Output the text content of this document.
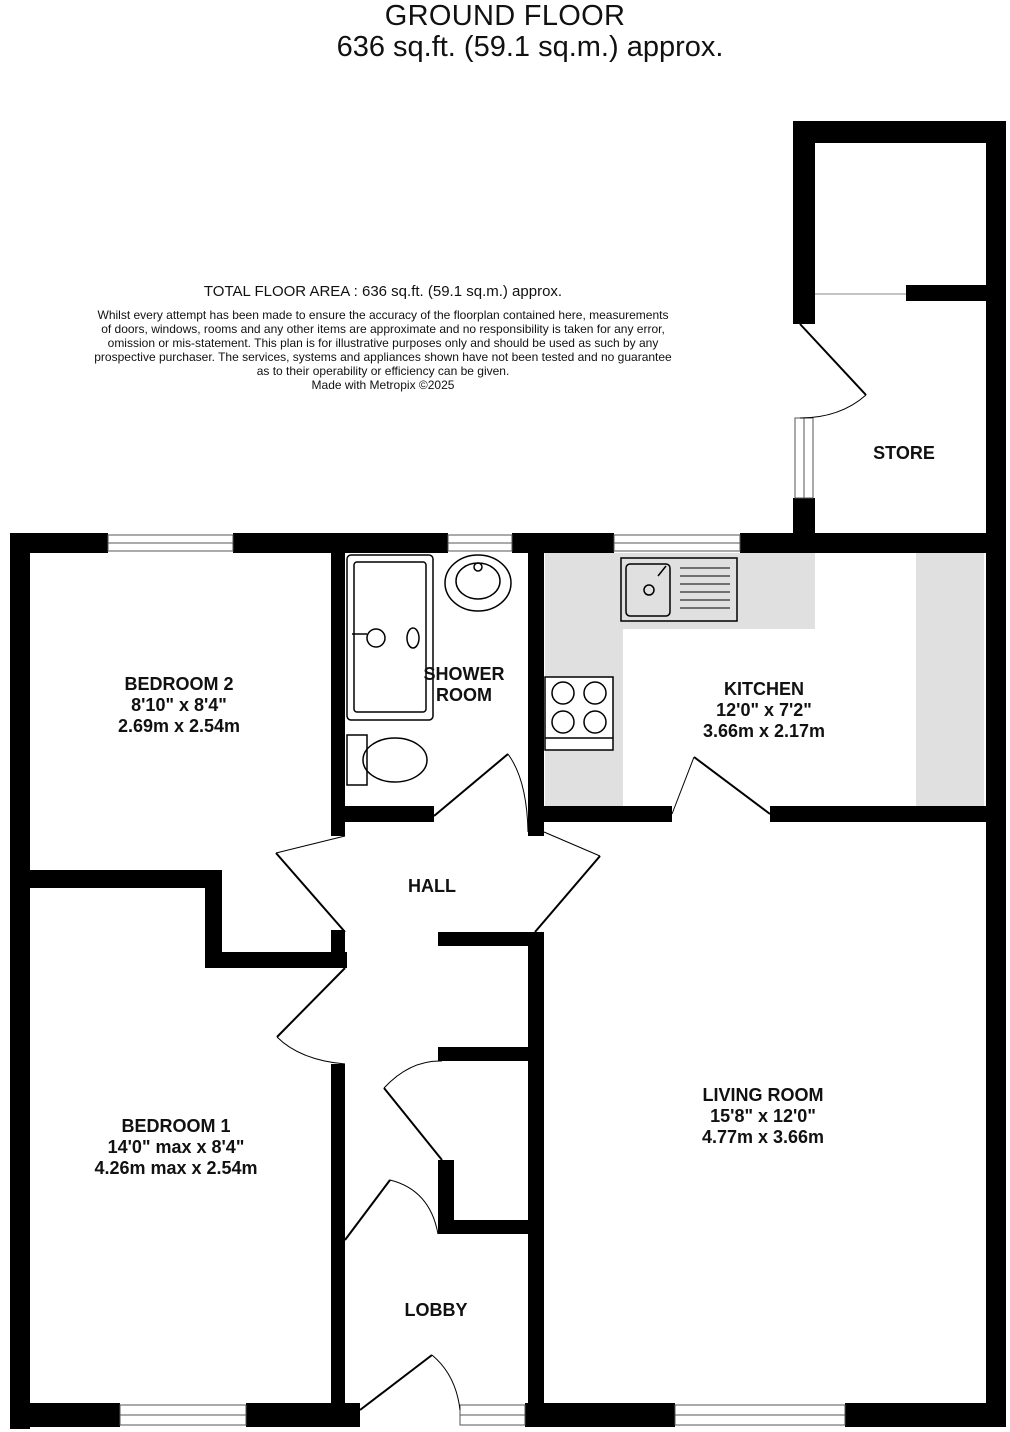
GROUND FLOOR
636 sq.ft. (59.1 sq.m.) approx.
TOTAL FLOOR AREA : 636 sq.ft. (59.1 sq.m.) approx.
Whilst every attempt has been made to ensure the accuracy of the floorplan contained here, measurements
of doors, windows, rooms and any other items are approximate and no responsibility is taken for any error,
omission or mis-statement. This plan is for illustrative purposes only and should be used as such by any
prospective purchaser. The services, systems and appliances shown have not been tested and no guarantee
as to their operability or efficiency can be given.
Made with Metropix ©2025
BEDROOM 2
8'10" x 8'4"
2.69m x 2.54m
SHOWER
ROOM	KITCHEN
12'0" x 7'2"
3.66m x 2.17m
STORE
HALL
BEDROOM 1
14'0" max x 8'4"
4.26m max x 2.54m
LIVING ROOM
15'8" x 12'0"
4.77m x 3.66m
LOBBY
